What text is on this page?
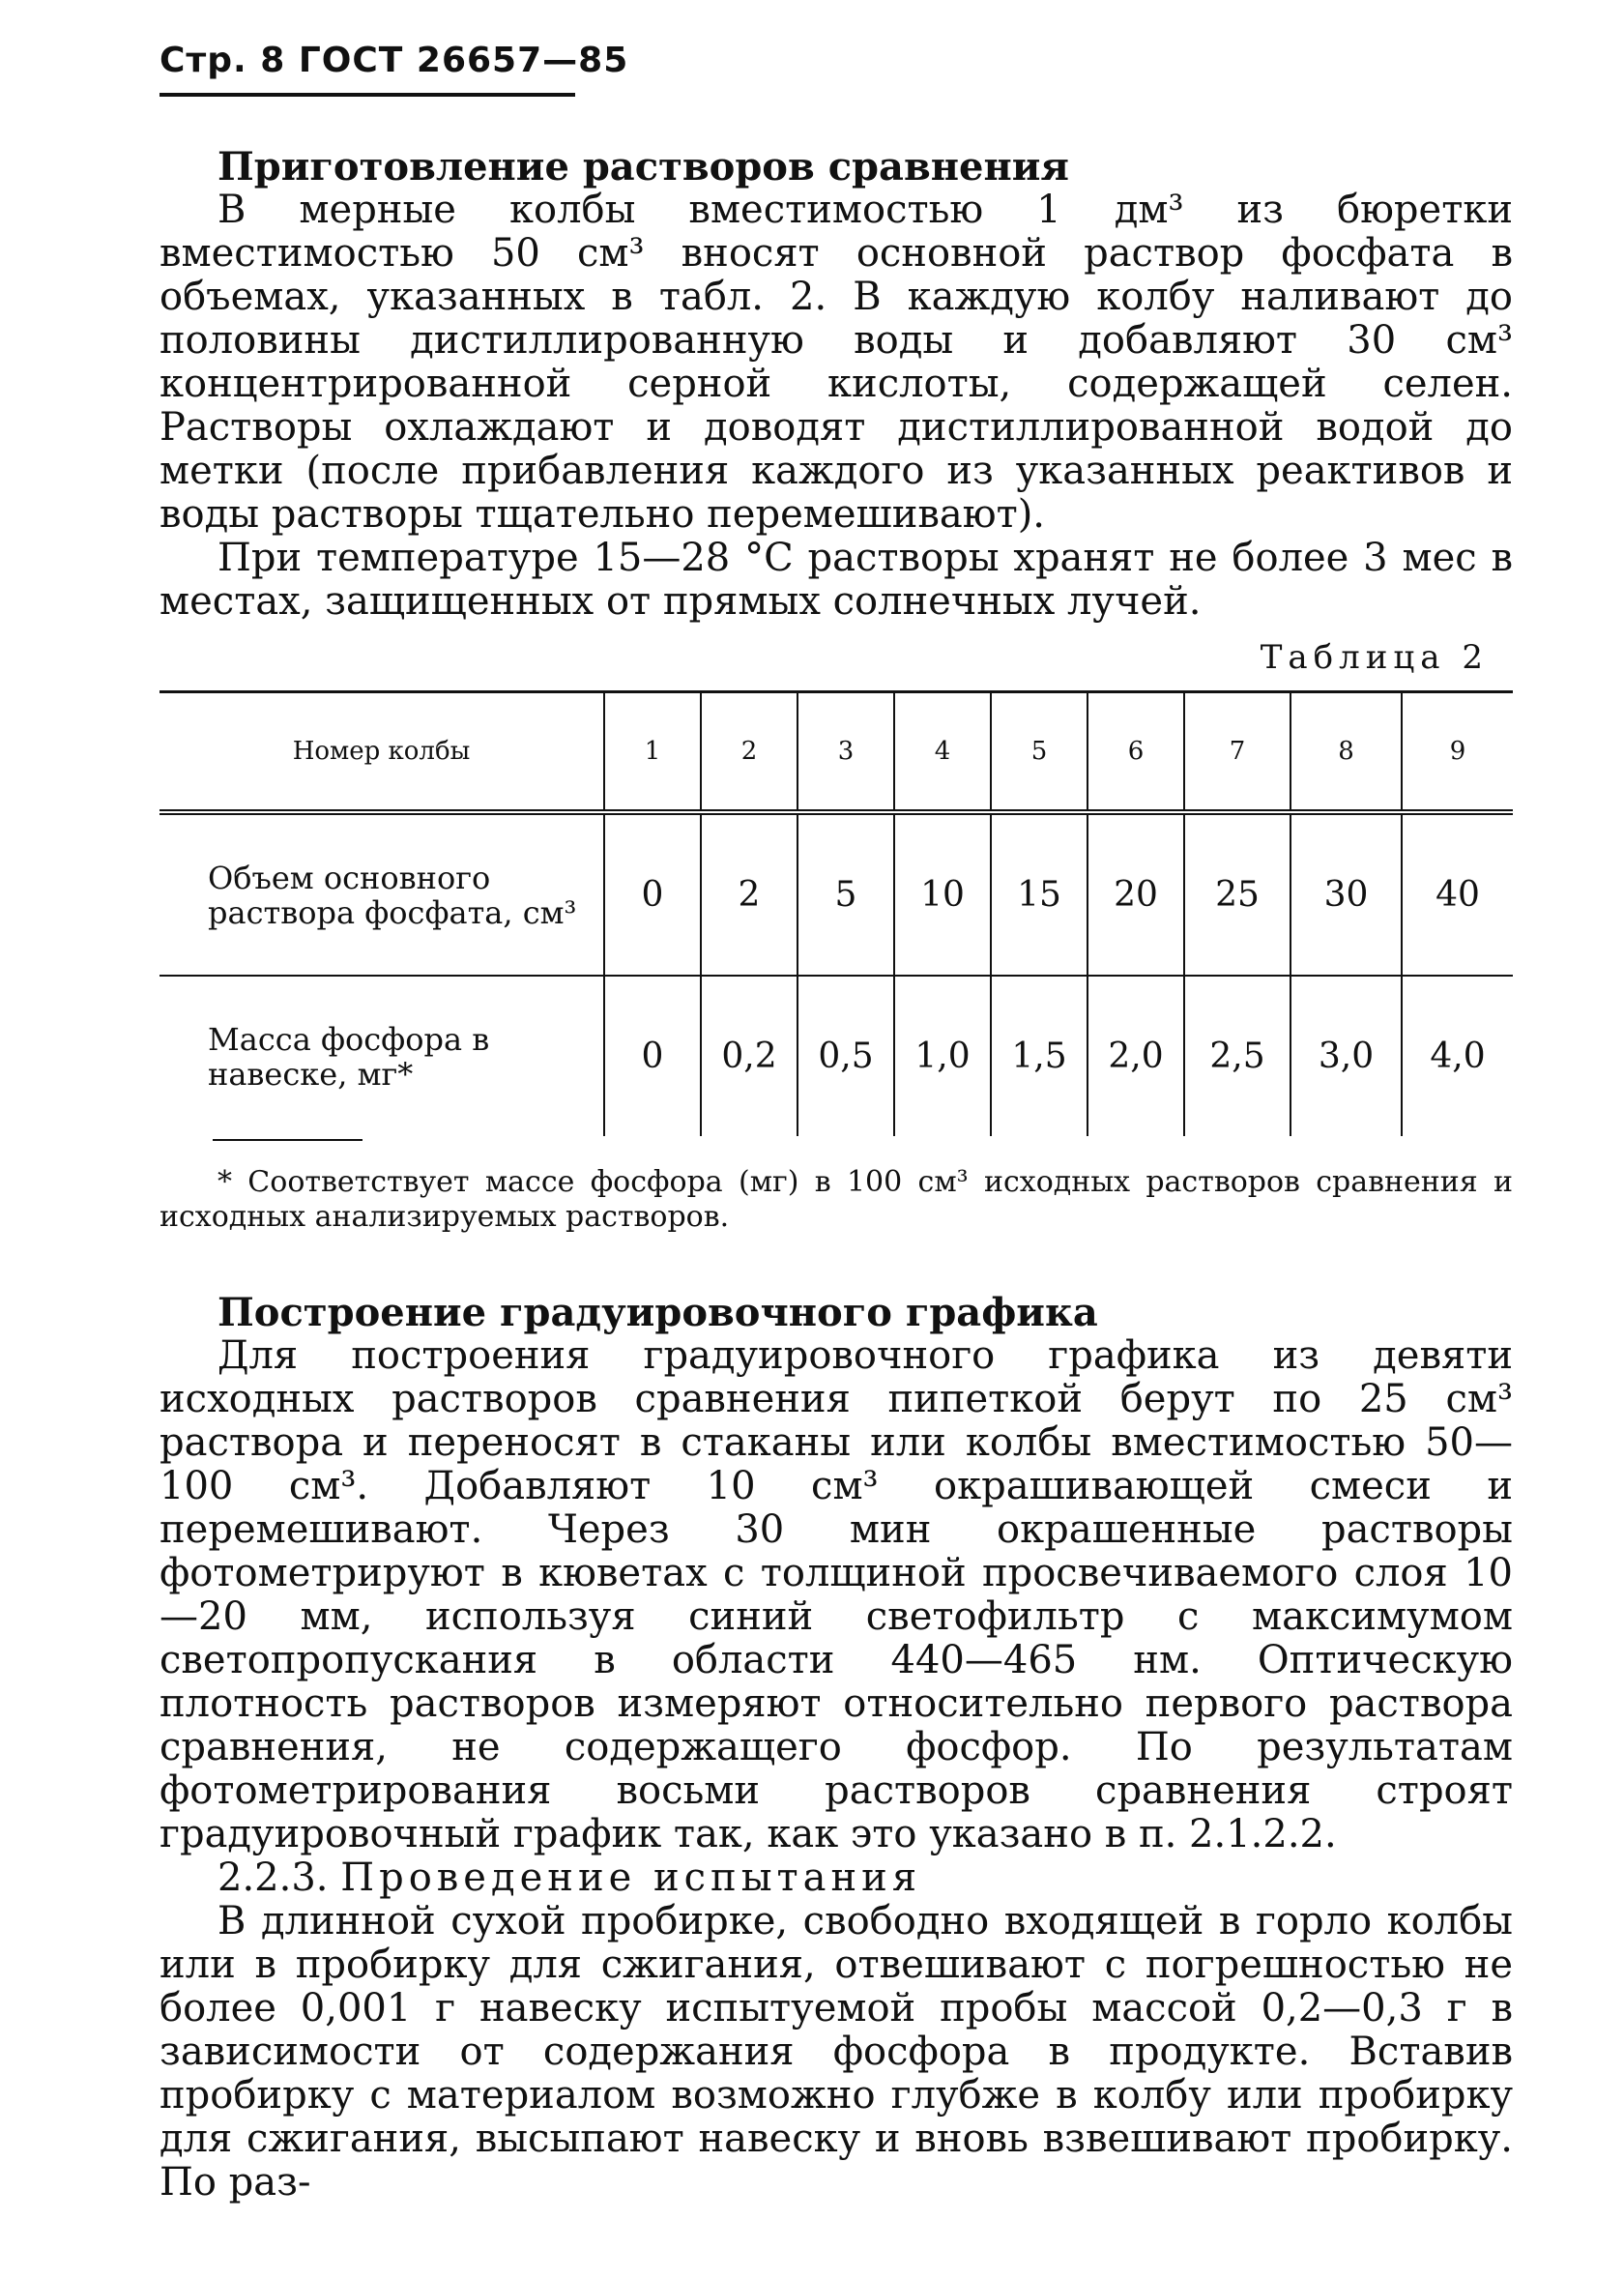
Стр. 8 ГОСТ 26657—85
Приготовление растворов сравнения

В мерные колбы вместимостью 1 дм³ из бюретки вместимостью 50 см³ вносят основной раствор фосфата в объемах, указанных в табл. 2. В каждую колбу наливают до половины дистиллированную воды и добавляют 30 см³ концентрированной серной кислоты, содержащей селен. Растворы охлаждают и доводят дистиллированной водой до метки (после прибавления каждого из указанных реактивов и воды растворы тщательно перемешивают).

При температуре 15—28 °С растворы хранят не более 3 мес в местах, защищенных от прямых солнечных лучей.

Таблица 2
Номер колбы	1	2	3	4	5	6	7	8	9
Объем основного раствора фосфата, см³	0	2	5	10	15	20	25	30	40
Масса фосфора в навеске, мг*	0	0,2	0,5	1,0	1,5	2,0	2,5	3,0	4,0
* Соответствует массе фосфора (мг) в 100 см³ исходных растворов сравнения и исходных анализируемых растворов.
Построение градуировочного графика

Для построения градуировочного графика из девяти исходных растворов сравнения пипеткой берут по 25 см³ раствора и переносят в стаканы или колбы вместимостью 50—100 см³. Добавляют 10 см³ окрашивающей смеси и перемешивают. Через 30 мин окрашенные растворы фотометрируют в кюветах с толщиной просвечиваемого слоя 10—20 мм, используя синий светофильтр с максимумом светопропускания в области 440—465 нм. Оптическую плотность растворов измеряют относительно первого раствора сравнения, не содержащего фосфор. По результатам фотометрирования восьми растворов сравнения строят градуировочный график так, как это указано в п. 2.1.2.2.

2.2.3. Проведение испытания

В длинной сухой пробирке, свободно входящей в горло колбы или в пробирку для сжигания, отвешивают с погрешностью не более 0,001 г навеску испытуемой пробы массой 0,2—0,3 г в зависимости от содержания фосфора в продукте. Вставив пробирку с материалом возможно глубже в колбу или пробирку для сжигания, высыпают навеску и вновь взвешивают пробирку. По раз-
